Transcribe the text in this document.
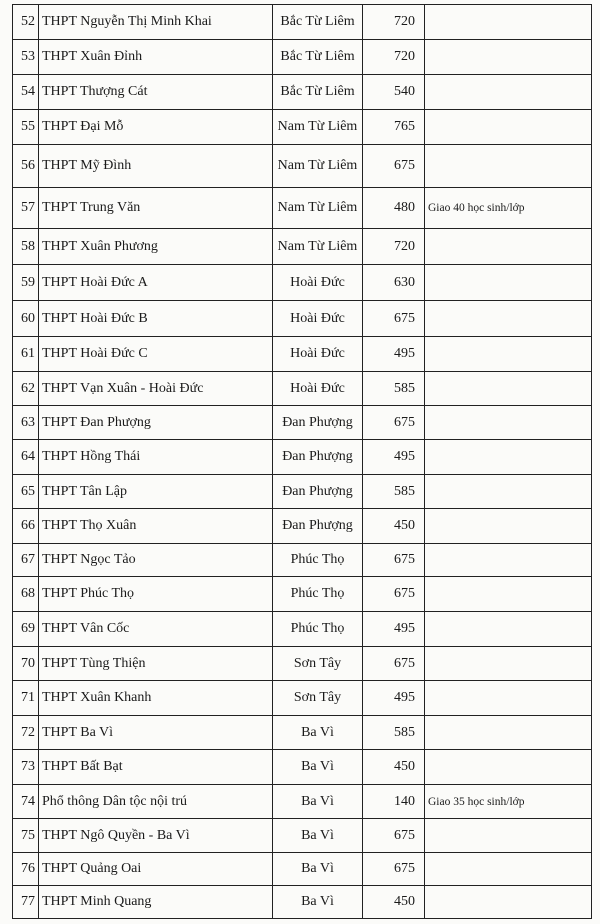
52	THPT Nguyễn Thị Minh Khai	Bắc Từ Liêm	720	
53	THPT Xuân Đỉnh	Bắc Từ Liêm	720	
54	THPT Thượng Cát	Bắc Từ Liêm	540	
55	THPT Đại Mỗ	Nam Từ Liêm	765	
56	THPT Mỹ Đình	Nam Từ Liêm	675	
57	THPT Trung Văn	Nam Từ Liêm	480	Giao 40 học sinh/lớp
58	THPT Xuân Phương	Nam Từ Liêm	720	
59	THPT Hoài Đức A	Hoài Đức	630	
60	THPT Hoài Đức B	Hoài Đức	675	
61	THPT Hoài Đức C	Hoài Đức	495	
62	THPT Vạn Xuân - Hoài Đức	Hoài Đức	585	
63	THPT Đan Phượng	Đan Phượng	675	
64	THPT Hồng Thái	Đan Phượng	495	
65	THPT Tân Lập	Đan Phượng	585	
66	THPT Thọ Xuân	Đan Phượng	450	
67	THPT Ngọc Tảo	Phúc Thọ	675	
68	THPT Phúc Thọ	Phúc Thọ	675	
69	THPT Vân Cốc	Phúc Thọ	495	
70	THPT Tùng Thiện	Sơn Tây	675	
71	THPT Xuân Khanh	Sơn Tây	495	
72	THPT Ba Vì	Ba Vì	585	
73	THPT Bất Bạt	Ba Vì	450	
74	Phổ thông Dân tộc nội trú	Ba Vì	140	Giao 35 học sinh/lớp
75	THPT Ngô Quyền - Ba Vì	Ba Vì	675	
76	THPT Quảng Oai	Ba Vì	675	
77	THPT Minh Quang	Ba Vì	450	
